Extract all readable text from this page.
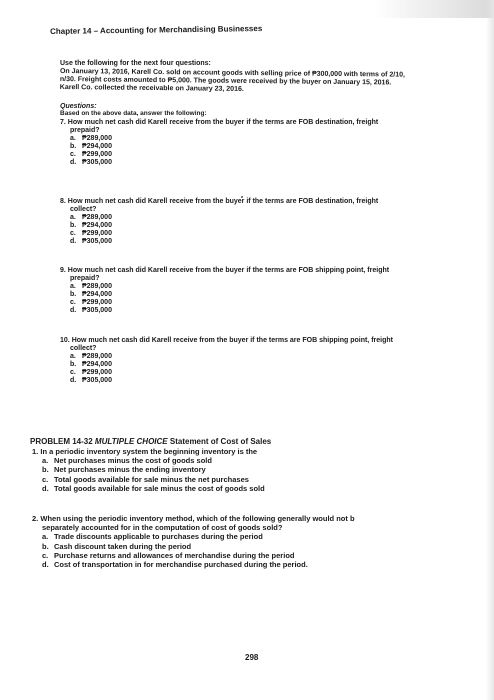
Chapter 14 – Accounting for Merchandising Businesses
Use the following for the next four questions:
On January 13, 2016, Karell Co. sold on account goods with selling price of ₱300,000 with terms of 2/10,
n/30. Freight costs amounted to ₱5,000. The goods were received by the buyer on January 15, 2016.
Karell Co. collected the receivable on January 23, 2016.
Questions:
Based on the above data, answer the following:
7. How much net cash did Karell receive from the buyer if the terms are FOB destination, freight
prepaid?
a. ₱289,000
b. ₱294,000
c. ₱299,000
d. ₱305,000
8. How much net cash did Karell receive from the buyer if the terms are FOB destination, freight
collect?
a. ₱289,000
b. ₱294,000
c. ₱299,000
d. ₱305,000
9. How much net cash did Karell receive from the buyer if the terms are FOB shipping point, freight
prepaid?
a. ₱289,000
b. ₱294,000
c. ₱299,000
d. ₱305,000
10. How much net cash did Karell receive from the buyer if the terms are FOB shipping point, freight
collect?
a. ₱289,000
b. ₱294,000
c. ₱299,000
d. ₱305,000
PROBLEM 14-32 MULTIPLE CHOICE Statement of Cost of Sales
1. In a periodic inventory system the beginning inventory is the
a. Net purchases minus the cost of goods sold
b. Net purchases minus the ending inventory
c. Total goods available for sale minus the net purchases
d. Total goods available for sale minus the cost of goods sold
2. When using the periodic inventory method, which of the following generally would not b
separately accounted for in the computation of cost of goods sold?
a. Trade discounts applicable to purchases during the period
b. Cash discount taken during the period
c. Purchase returns and allowances of merchandise during the period
d. Cost of transportation in for merchandise purchased during the period.
298
